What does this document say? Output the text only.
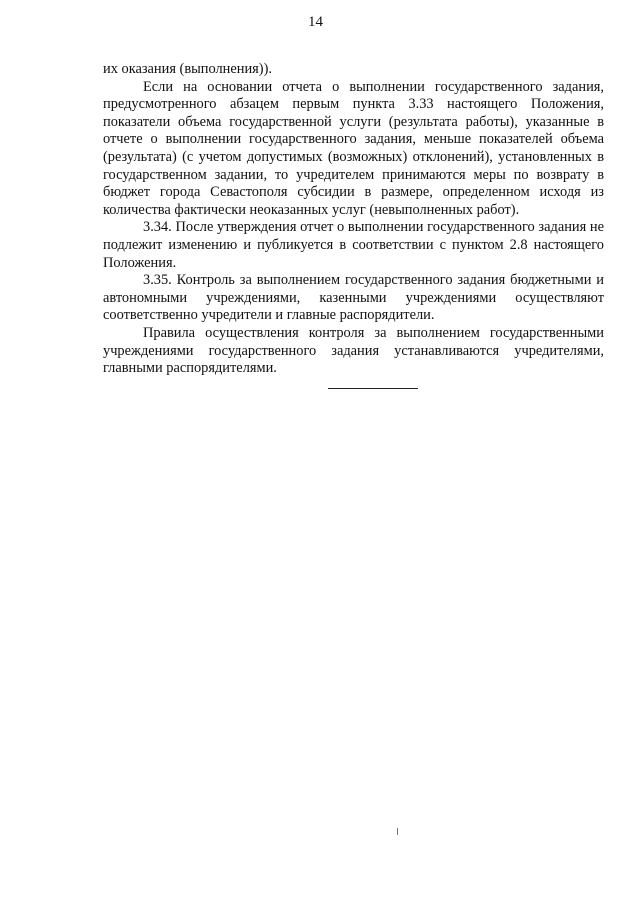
14

их оказания (выполнения)).

Если на основании отчета о выполнении государственного задания, предусмотренного абзацем первым пункта 3.33 настоящего Положения, показатели объема государственной услуги (результата работы), указанные в отчете о выполнении государственного задания, меньше показателей объема (результата) (с учетом допустимых (возможных) отклонений), установленных в государственном задании, то учредителем принимаются меры по возврату в бюджет города Севастополя субсидии в размере, определенном исходя из количества фактически неоказанных услуг (невыполненных работ).

3.34. После утверждения отчет о выполнении государственного задания не подлежит изменению и публикуется в соответствии с пунктом 2.8 настоящего Положения.

3.35. Контроль за выполнением государственного задания бюджетными и автономными учреждениями, казенными учреждениями осуществляют соответственно учредители и главные распорядители.

Правила осуществления контроля за выполнением государственными учреждениями государственного задания устанавливаются учредителями, главными распорядителями.
